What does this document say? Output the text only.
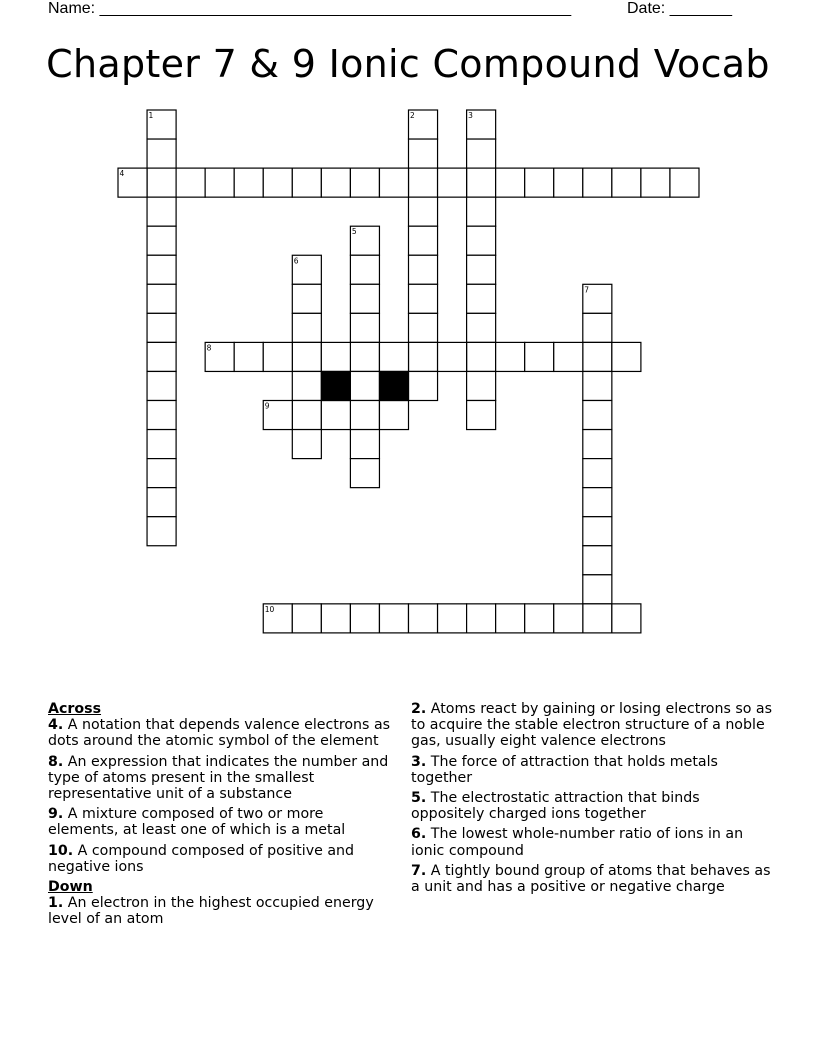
Name: _____________________________________________________	Date: _______
Chapter 7 & 9 Ionic Compound Vocab
1	2	3
4
5
6
7
8
9
10
Across
4. A notation that depends valence electrons as dots around the atomic symbol of the element
8. An expression that indicates the number and type of atoms present in the smallest representative unit of a substance
9. A mixture composed of two or more elements, at least one of which is a metal
10. A compound composed of positive and negative ions
Down
1. An electron in the highest occupied energy level of an atom
2. Atoms react by gaining or losing electrons so as to acquire the stable electron structure of a noble gas, usually eight valence electrons
3. The force of attraction that holds metals together
5. The electrostatic attraction that binds oppositely charged ions together
6. The lowest whole-number ratio of ions in an ionic compound
7. A tightly bound group of atoms that behaves as a unit and has a positive or negative charge
